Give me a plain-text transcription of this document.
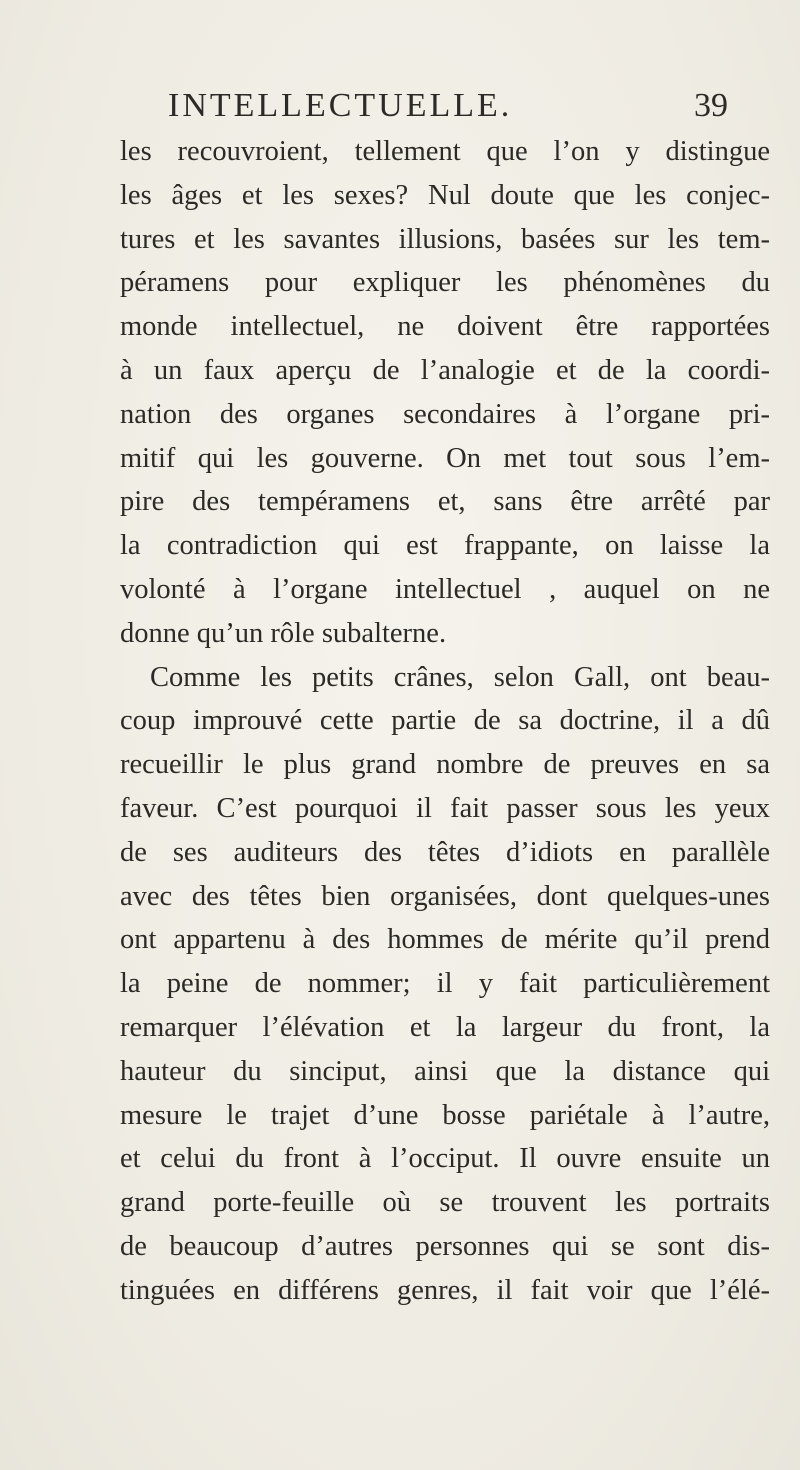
INTELLECTUELLE.	39
les recouvroient, tellement que l’on y distingue
les âges et les sexes? Nul doute que les conjec-
tures et les savantes illusions, basées sur les tem-
péramens pour expliquer les phénomènes du
monde intellectuel, ne doivent être rapportées
à un faux aperçu de l’analogie et de la coordi-
nation des organes secondaires à l’organe pri-
mitif qui les gouverne. On met tout sous l’em-
pire des tempéramens et, sans être arrêté par
la contradiction qui est frappante, on laisse la
volonté à l’organe intellectuel , auquel on ne
donne qu’un rôle subalterne.
Comme les petits crânes, selon Gall, ont beau-
coup improuvé cette partie de sa doctrine, il a dû
recueillir le plus grand nombre de preuves en sa
faveur. C’est pourquoi il fait passer sous les yeux
de ses auditeurs des têtes d’idiots en parallèle
avec des têtes bien organisées, dont quelques-unes
ont appartenu à des hommes de mérite qu’il prend
la peine de nommer; il y fait particulièrement
remarquer l’élévation et la largeur du front, la
hauteur du sinciput, ainsi que la distance qui
mesure le trajet d’une bosse pariétale à l’autre,
et celui du front à l’occiput. Il ouvre ensuite un
grand porte-feuille où se trouvent les portraits
de beaucoup d’autres personnes qui se sont dis-
tinguées en différens genres, il fait voir que l’élé-
